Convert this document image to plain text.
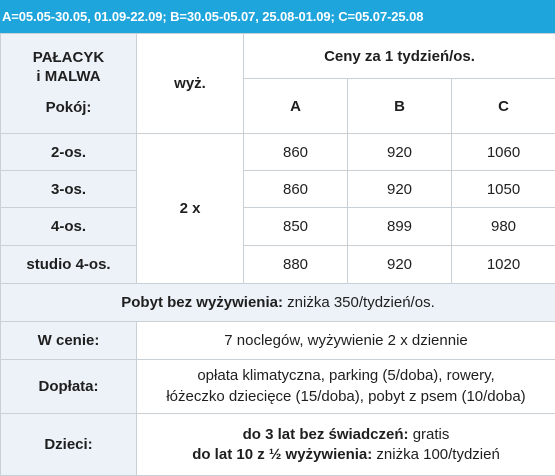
A=05.05-30.05, 01.09-22.09; B=30.05-05.07, 25.08-01.09; C=05.07-25.08
PAŁACYK
i MALWA
Pokój:	wyż.	Ceny za 1 tydzień/os.		
		A	B	C
2-os.	2 x	860	920	1060
3-os.		860	920	1050
4-os.		850	899	980
studio 4-os.		880	920	1020
Pobyt bez wyżywienia: zniżka 350/tydzień/os.				
W cenie:	7 noclegów, wyżywienie 2 x dziennie			
Dopłata:	opłata klimatyczna, parking (5/doba), rowery,
łóżeczko dziecięce (15/doba), pobyt z psem (10/doba)			
Dzieci:	do 3 lat bez świadczeń: gratis
do lat 10 z ½ wyżywienia: zniżka 100/tydzień			
